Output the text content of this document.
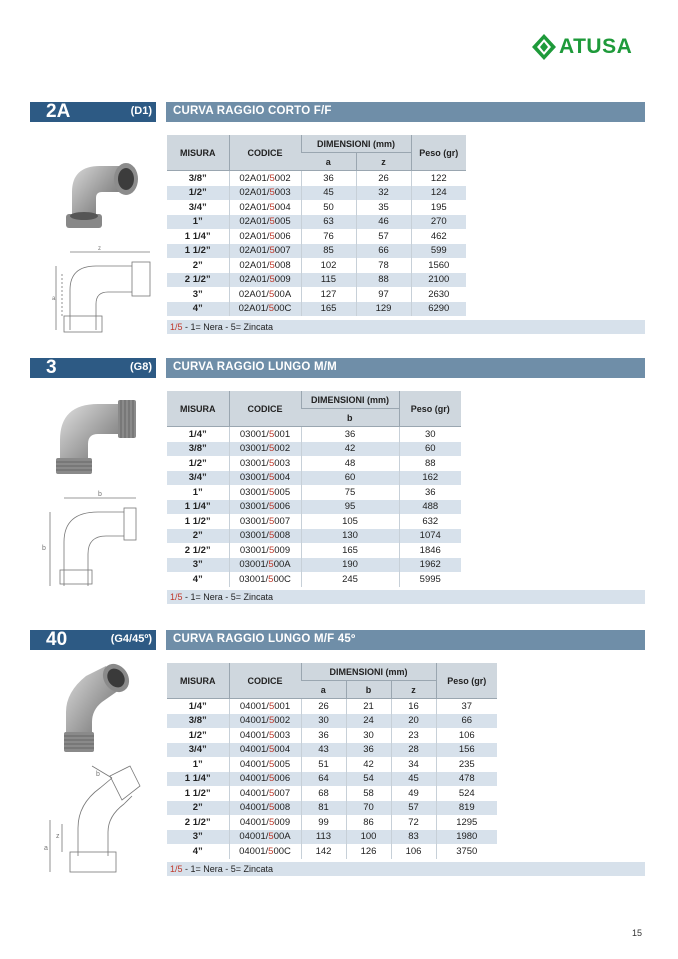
ATUSA
2A	(D1) CURVA RAGGIO CORTO F/F
z
a
MISURA	CODICE	DIMENSIONI (mm)		Peso (gr)
		a	z	
3/8”	02A01/5002	36	26	122
1/2”	02A01/5003	45	32	124
3/4”	02A01/5004	50	35	195
1”	02A01/5005	63	46	270
1 1/4”	02A01/5006	76	57	462
1 1/2”	02A01/5007	85	66	599
2”	02A01/5008	102	78	1560
2 1/2”	02A01/5009	115	88	2100
3”	02A01/500A	127	97	2630
4”	02A01/500C	165	129	6290
1/5 - 1= Nera - 5= Zincata
3	(G8) CURVA RAGGIO LUNGO M/M
b
b
MISURA	CODICE	DIMENSIONI (mm)	Peso (gr)
		b	
1/4”	03001/5001	36	30
3/8”	03001/5002	42	60
1/2”	03001/5003	48	88
3/4”	03001/5004	60	162
1”	03001/5005	75	36
1 1/4”	03001/5006	95	488
1 1/2”	03001/5007	105	632
2”	03001/5008	130	1074
2 1/2”	03001/5009	165	1846
3”	03001/500A	190	1962
4”	03001/500C	245	5995
1/5 - 1= Nera - 5= Zincata
40	(G4/45º) CURVA RAGGIO LUNGO M/F 45º
b
a
z
MISURA	CODICE	DIMENSIONI (mm)			Peso (gr)
		a	b	z	
1/4”	04001/5001	26	21	16	37
3/8”	04001/5002	30	24	20	66
1/2”	04001/5003	36	30	23	106
3/4”	04001/5004	43	36	28	156
1”	04001/5005	51	42	34	235
1 1/4”	04001/5006	64	54	45	478
1 1/2”	04001/5007	68	58	49	524
2”	04001/5008	81	70	57	819
2 1/2”	04001/5009	99	86	72	1295
3”	04001/500A	113	100	83	1980
4”	04001/500C	142	126	106	3750
1/5 - 1= Nera - 5= Zincata
15
